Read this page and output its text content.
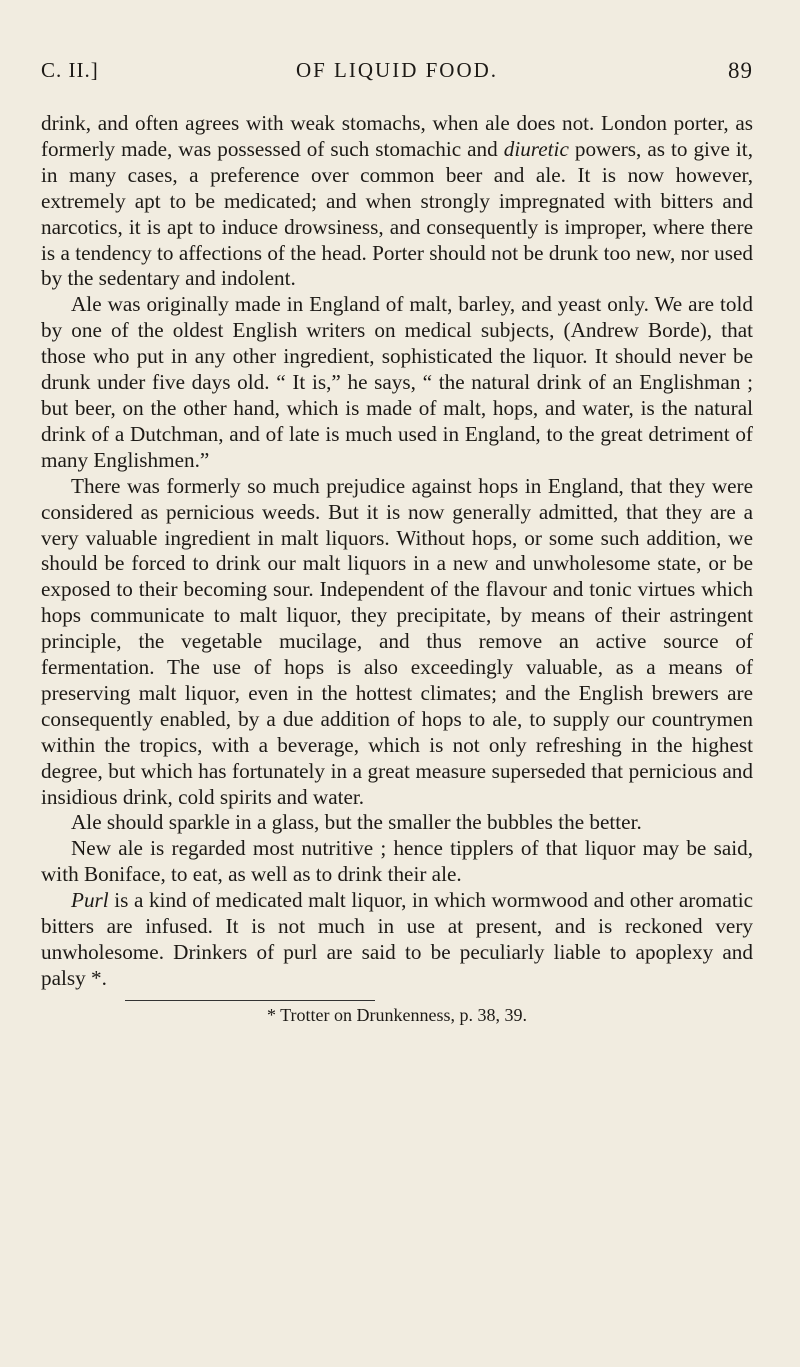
C. II.]	OF LIQUID FOOD.	89

drink, and often agrees with weak stomachs, when ale does not. London porter, as formerly made, was possessed of such stomachic and diuretic powers, as to give it, in many cases, a preference over common beer and ale. It is now however, extremely apt to be medicated; and when strongly impregnated with bitters and narcotics, it is apt to induce drowsiness, and consequently is improper, where there is a tendency to affections of the head. Porter should not be drunk too new, nor used by the sedentary and indolent.

Ale was originally made in England of malt, barley, and yeast only. We are told by one of the oldest English writers on medical subjects, (Andrew Borde), that those who put in any other ingredient, sophisticated the liquor. It should never be drunk under five days old. “ It is,” he says, “ the natural drink of an Englishman ; but beer, on the other hand, which is made of malt, hops, and water, is the natural drink of a Dutchman, and of late is much used in England, to the great detriment of many Englishmen.”

There was formerly so much prejudice against hops in England, that they were considered as pernicious weeds. But it is now generally admitted, that they are a very valuable ingredient in malt liquors. Without hops, or some such addition, we should be forced to drink our malt liquors in a new and unwholesome state, or be exposed to their becoming sour. Independent of the flavour and tonic virtues which hops communicate to malt liquor, they precipitate, by means of their astringent principle, the vegetable mucilage, and thus remove an active source of fermentation. The use of hops is also exceedingly valuable, as a means of preserving malt liquor, even in the hottest climates; and the English brewers are consequently enabled, by a due addition of hops to ale, to supply our countrymen within the tropics, with a beverage, which is not only refreshing in the highest degree, but which has fortunately in a great measure superseded that pernicious and insidious drink, cold spirits and water.

Ale should sparkle in a glass, but the smaller the bubbles the better.

New ale is regarded most nutritive ; hence tipplers of that liquor may be said, with Boniface, to eat, as well as to drink their ale.

Purl is a kind of medicated malt liquor, in which wormwood and other aromatic bitters are infused. It is not much in use at present, and is reckoned very unwholesome. Drinkers of purl are said to be peculiarly liable to apoplexy and palsy *.

* Trotter on Drunkenness, p. 38, 39.
